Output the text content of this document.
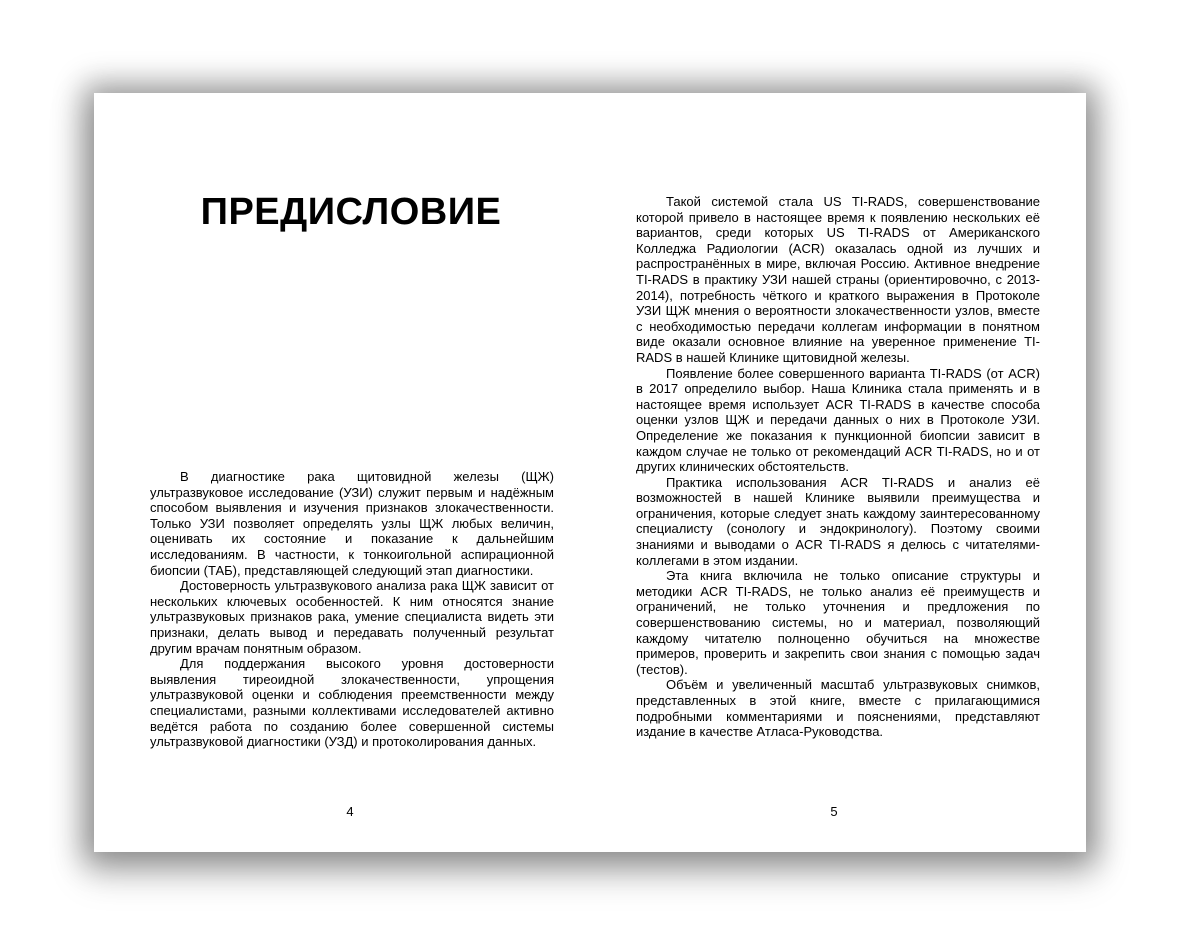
ПРЕДИСЛОВИЕ

В диагностике рака щитовидной железы (ЩЖ) ультразвуковое исследование (УЗИ) служит первым и надёжным способом выявления и изучения признаков злокачественности. Только УЗИ позволяет определять узлы ЩЖ любых величин, оценивать их состояние и показание к дальнейшим исследованиям. В частности, к тонкоигольной аспирационной биопсии (ТАБ), представляющей следующий этап диагностики.

Достоверность ультразвукового анализа рака ЩЖ зависит от нескольких ключевых особенностей. К ним относятся знание ультразвуковых признаков рака, умение специалиста видеть эти признаки, делать вывод и передавать полученный результат другим врачам понятным образом.

Для поддержания высокого уровня достоверности выявления тиреоидной злокачественности, упрощения ультразвуковой оценки и соблюдения преемственности между специалистами, разными коллективами исследователей активно ведётся работа по созданию более совершенной системы ультразвуковой диагностики (УЗД) и протоколирования данных.

4

Такой системой стала US TI-RADS, совершенствование которой привело в настоящее время к появлению нескольких её вариантов, среди которых US TI-RADS от Американского Колледжа Радиологии (ACR) оказалась одной из лучших и распространённых в мире, включая Россию. Активное внедрение TI-RADS в практику УЗИ нашей страны (ориентировочно, с 2013-2014), потребность чёткого и краткого выражения в Протоколе УЗИ ЩЖ мнения о вероятности злокачественности узлов, вместе с необходимостью передачи коллегам информации в понятном виде оказали основное влияние на уверенное применение TI-RADS в нашей Клинике щитовидной железы.

Появление более совершенного варианта TI-RADS (от ACR) в 2017 определило выбор. Наша Клиника стала применять и в настоящее время использует ACR TI-RADS в качестве способа оценки узлов ЩЖ и передачи данных о них в Протоколе УЗИ. Определение же показания к пункционной биопсии зависит в каждом случае не только от рекомендаций ACR TI-RADS, но и от других клинических обстоятельств.

Практика использования ACR TI-RADS и анализ её возможностей в нашей Клинике выявили преимущества и ограничения, которые следует знать каждому заинтересованному специалисту (сонологу и эндокринологу). Поэтому своими знаниями и выводами о ACR TI-RADS я делюсь с читателями-коллегами в этом издании.

Эта книга включила не только описание структуры и методики ACR TI-RADS, не только анализ её преимуществ и ограничений, не только уточнения и предложения по совершенствованию системы, но и материал, позволяющий каждому читателю полноценно обучиться на множестве примеров, проверить и закрепить свои знания с помощью задач (тестов).

Объём и увеличенный масштаб ультразвуковых снимков, представленных в этой книге, вместе с прилагающимися подробными комментариями и пояснениями, представляют издание в качестве Атласа-Руководства.

5
